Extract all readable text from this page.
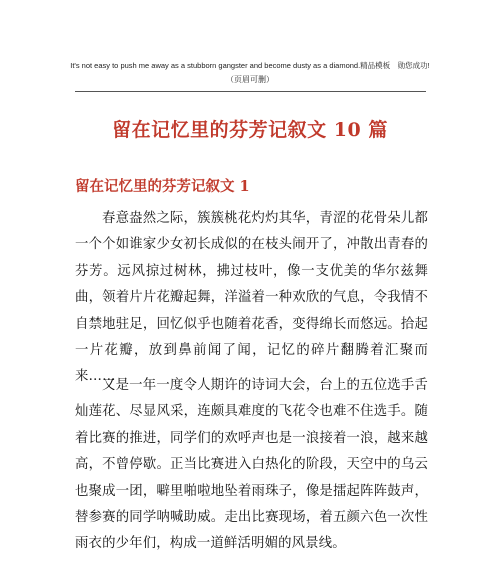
It's not easy to push me away as a stubborn gangster and become dusty as a diamond.精品模板　勋您成功!
（页眉可删）
留在记忆里的芬芳记叙文 10 篇
留在记忆里的芬芳记叙文 1
春意盎然之际，簇簇桃花灼灼其华，青涩的花骨朵儿都一个个如谁家少女初长成似的在枝头闹开了，冲散出青春的芬芳。远风掠过树林，拂过枝叶，像一支优美的华尔兹舞曲，领着片片花瓣起舞，洋溢着一种欢欣的气息，令我情不自禁地驻足，回忆似乎也随着花香，变得绵长而悠远。拾起一片花瓣，放到鼻前闻了闻，记忆的碎片翻腾着汇聚而来……
又是一年一度令人期许的诗词大会，台上的五位选手舌灿莲花、尽显风采，连颇具难度的飞花令也难不住选手。随着比赛的推进，同学们的欢呼声也是一浪接着一浪，越来越高，不曾停歇。正当比赛进入白热化的阶段，天空中的乌云也聚成一团，噼里啪啦地坠着雨珠子，像是擂起阵阵鼓声，替参赛的同学呐喊助威。走出比赛现场，着五颜六色一次性雨衣的少年们，构成一道鲜活明媚的风景线。
